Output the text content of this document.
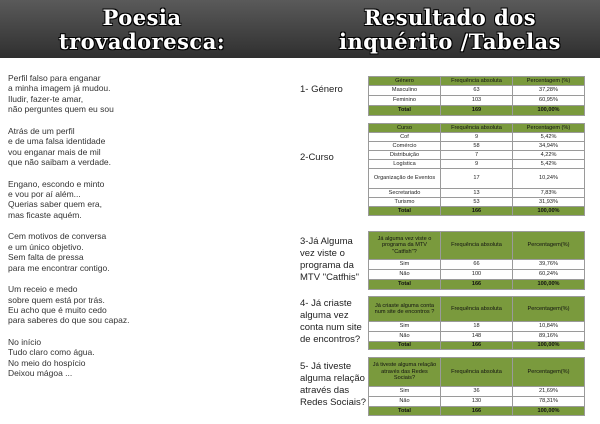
Poesia
trovadoresca:
Resultado dos
inquérito /Tabelas
Perfil falso para enganar
a minha imagem já mudou.
Iludir, fazer-te amar,
não perguntes quem eu sou
Atrás de um perfil
e de uma falsa identidade
vou enganar mais de mil
que não saibam a verdade.
Engano, escondo e minto
e vou por aí além...
Querias saber quem era,
mas ficaste aquém.
Cem motivos de conversa
e um único objetivo.
Sem falta de pressa
para me encontrar contigo.
Um receio e medo
sobre quem está por trás.
Eu acho que é muito cedo
para saberes do que sou capaz.
No início
Tudo claro como água.
No meio do hospício
Deixou mágoa ...
1- Género
Género	Frequência absoluta	Percentagem (%)
Masculino	63	37,28%
Feminino	103	60,95%
Total	169	100,00%
2-Curso
Curso	Frequência absoluta	Percentagem (%)
Cof	9	5,42%
Comércio	58	34,94%
Distribuição	7	4,22%
Logística	9	5,42%
Organização de Eventos	17	10,24%
Secretariado	13	7,83%
Turismo	53	31,93%
Total	166	100,00%
3-Já Alguma
vez viste o
programa da
MTV "Catfhis"
Já alguma vez viste o programa da MTV "Catfish"?	Frequência absoluta	Percentagem(%)
Sim	66	39,76%
Não	100	60,24%
Total	166	100,00%
4- Já criaste
alguma vez
conta num site
de encontros?
Já criaste alguma conta num site de encontros ?	Frequência absoluta	Percentagem(%)
Sim	18	10,84%
Não	148	89,16%
Total	166	100,00%
5- Já tiveste
alguma relação
através das
Redes Sociais?
Já tiveste alguma relação através das Redes Sociais?	Frequência absoluta	Percentagem(%)
Sim	36	21,69%
Não	130	78,31%
Total	166	100,00%
